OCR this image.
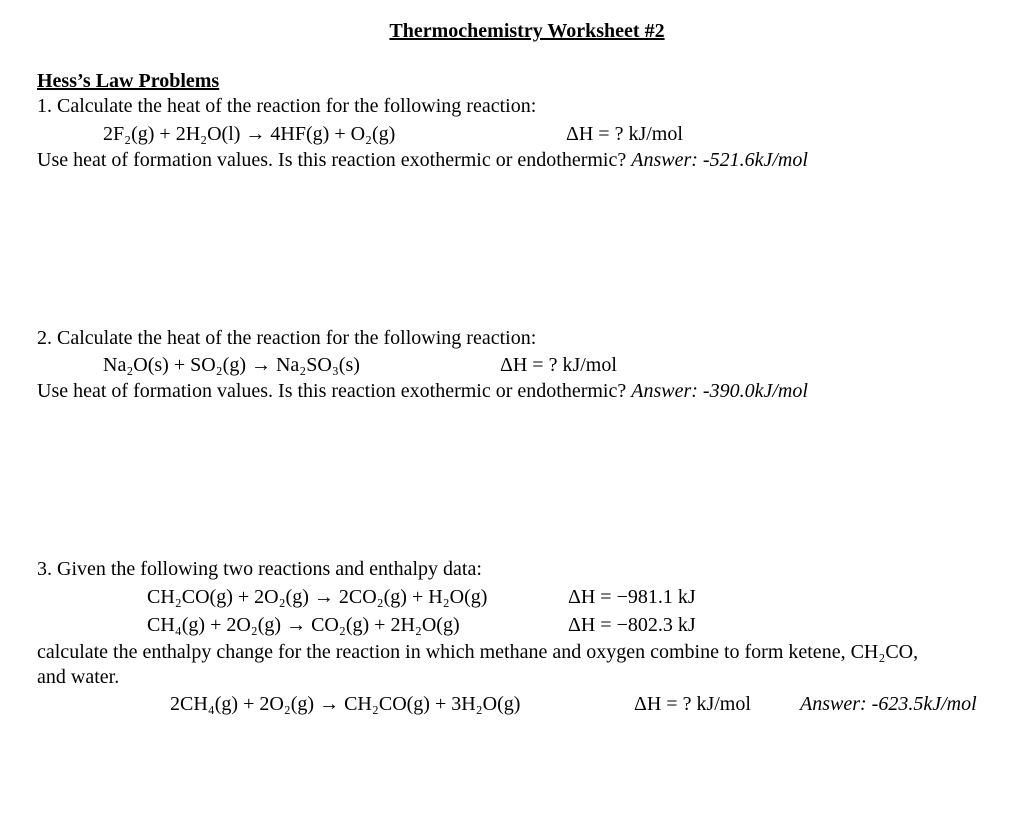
Thermochemistry Worksheet #2
Hess’s Law Problems
1. Calculate the heat of the reaction for the following reaction:
2F₂(g) + 2H₂O(l) → 4HF(g) + O₂(g)	ΔH = ? kJ/mol
Use heat of formation values. Is this reaction exothermic or endothermic? Answer: -521.6kJ/mol
2. Calculate the heat of the reaction for the following reaction:
Na₂O(s) + SO₂(g) → Na₂SO₃(s)	ΔH = ? kJ/mol
Use heat of formation values. Is this reaction exothermic or endothermic? Answer: -390.0kJ/mol
3. Given the following two reactions and enthalpy data:
CH₂CO(g) + 2O₂(g) → 2CO₂(g) + H₂O(g)	ΔH = −981.1 kJ
CH₄(g) + 2O₂(g) → CO₂(g) + 2H₂O(g)	ΔH = −802.3 kJ
calculate the enthalpy change for the reaction in which methane and oxygen combine to form ketene, CH₂CO,
and water.
2CH₄(g) + 2O₂(g) → CH₂CO(g) + 3H₂O(g)	ΔH = ? kJ/mol Answer: -623.5kJ/mol
